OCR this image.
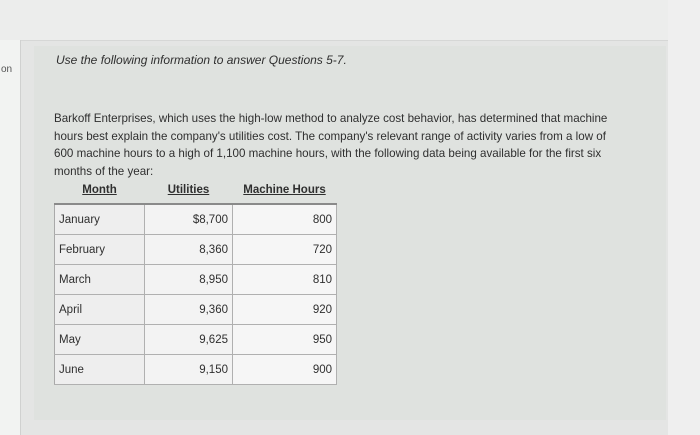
on
Use the following information to answer Questions 5-7.
Barkoff Enterprises, which uses the high-low method to analyze cost behavior, has determined that machine
hours best explain the company's utilities cost. The company's relevant range of activity varies from a low of
600 machine hours to a high of 1,100 machine hours, with the following data being available for the first six
months of the year:
Month	Utilities	Machine Hours
January	$8,700	800
February	8,360	720
March	8,950	810
April	9,360	920
May	9,625	950
June	9,150	900
